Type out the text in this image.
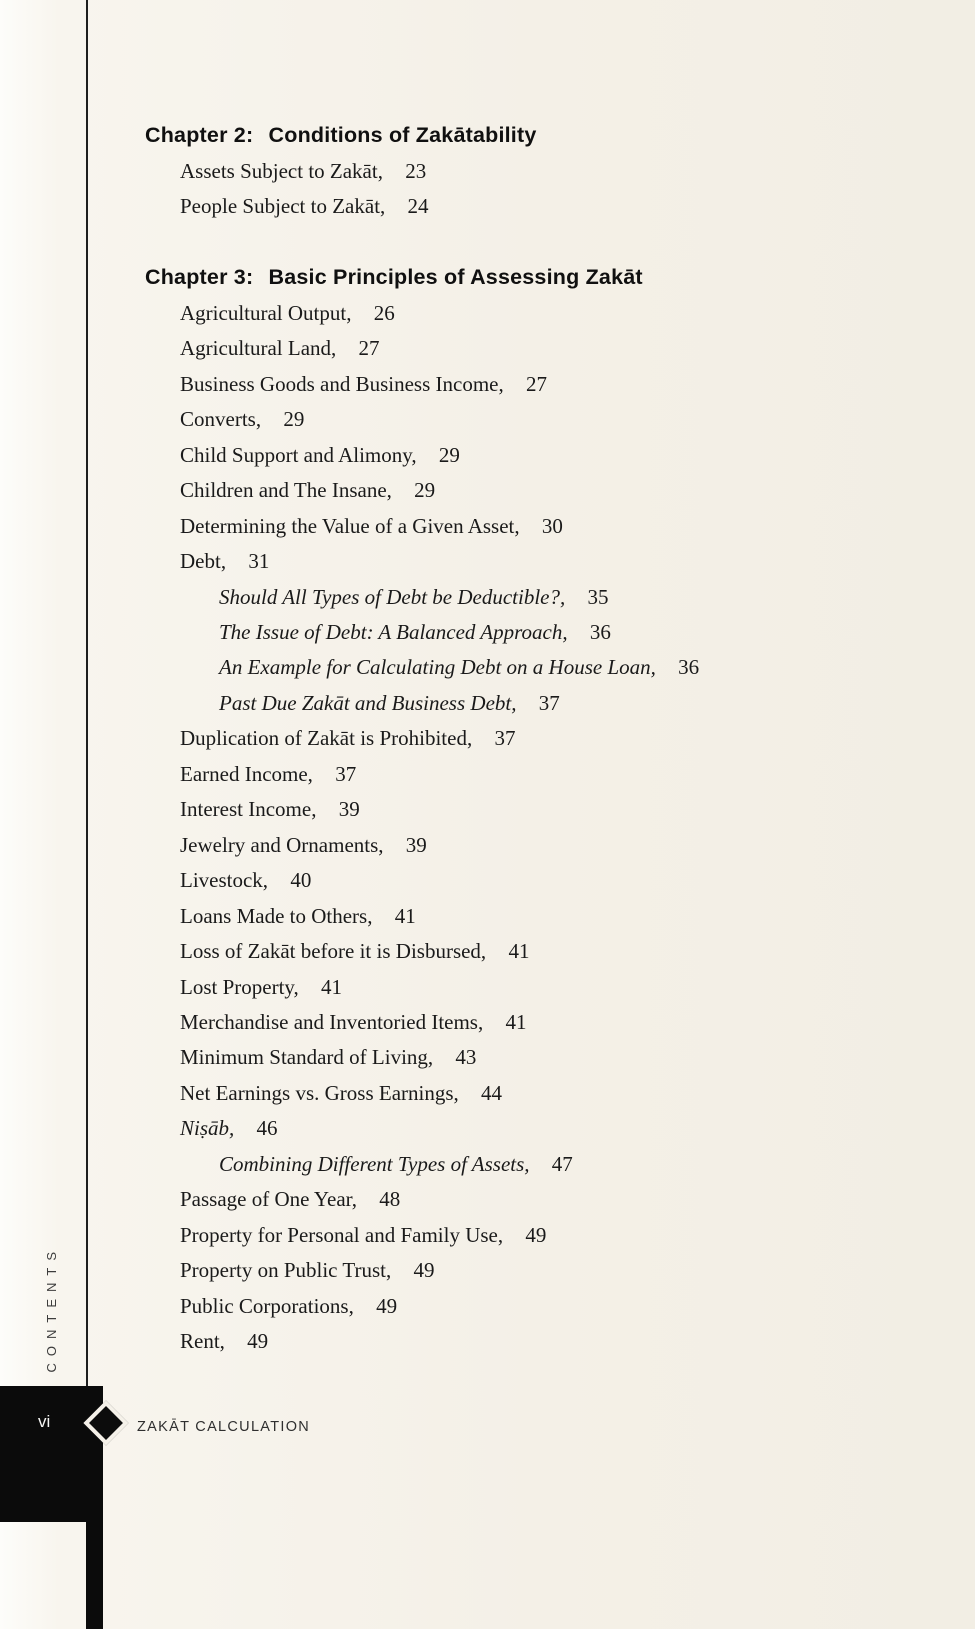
CONTENTS
Chapter 2: Conditions of Zakātability
Assets Subject to Zakāt, 23
People Subject to Zakāt, 24
Chapter 3: Basic Principles of Assessing Zakāt
Agricultural Output, 26
Agricultural Land, 27
Business Goods and Business Income, 27
Converts, 29
Child Support and Alimony, 29
Children and The Insane, 29
Determining the Value of a Given Asset, 30
Debt, 31
Should All Types of Debt be Deductible?, 35
The Issue of Debt: A Balanced Approach, 36
An Example for Calculating Debt on a House Loan, 36
Past Due Zakāt and Business Debt, 37
Duplication of Zakāt is Prohibited, 37
Earned Income, 37
Interest Income, 39
Jewelry and Ornaments, 39
Livestock, 40
Loans Made to Others, 41
Loss of Zakāt before it is Disbursed, 41
Lost Property, 41
Merchandise and Inventoried Items, 41
Minimum Standard of Living, 43
Net Earnings vs. Gross Earnings, 44
Niṣāb, 46
Combining Different Types of Assets, 47
Passage of One Year, 48
Property for Personal and Family Use, 49
Property on Public Trust, 49
Public Corporations, 49
Rent, 49
vi	ZAKĀT CALCULATION
